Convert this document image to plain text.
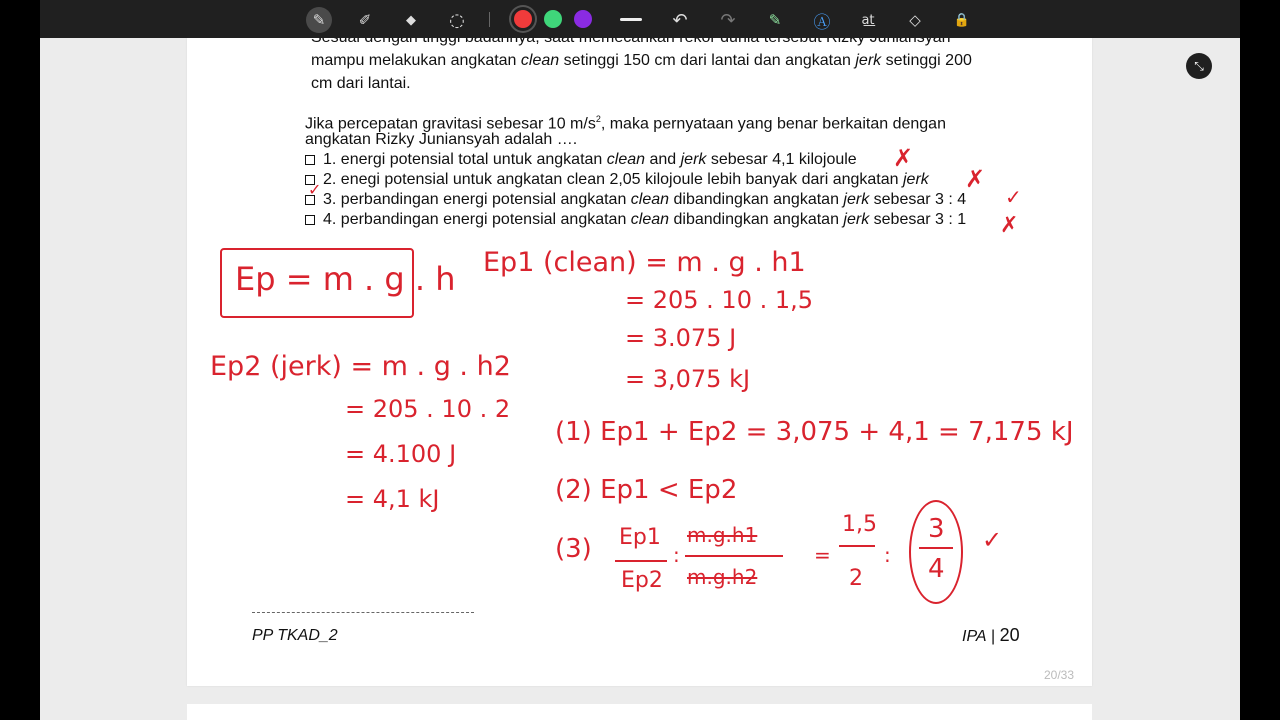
mampu melakukan angkatan clean setinggi 150 cm dari lantai dan angkatan jerk setinggi 200
cm dari lantai.
Jika percepatan gravitasi sebesar 10 $m/s^2$, maka pernyataan yang benar berkaitan dengan
angkatan Rizky Juniansyah adalah ….
1. energi potensial total untuk angkatan clean and jerk sebesar 4,1 kilojoule
2. enegi potensial untuk angkatan clean 2,05 kilojoule lebih banyak dari angkatan jerk
3. perbandingan energi potensial angkatan clean dibandingkan angkatan jerk sebesar 3 : 4
4. perbandingan energi potensial angkatan clean dibandingkan angkatan jerk sebesar 3 : 1
PP TKAD_2	IPA | 20
20/33
✗
✗
✓
✗
✓
Ep = m . g . h Ep1 (clean) = m . g . h1
= 205 . 10 . 1,5
= 3.075 J
= 3,075 kJ
Ep2 (jerk) = m . g . h2
= 205 . 10 . 2
= 4.100 J
= 4,1 kJ
(1) Ep1 + Ep2 = 3,075 + 4,1 = 7,175 kJ
(2) Ep1 < Ep2
(3) Ep1
Ep2
:
m.g.h1
m.g.h2
=
1,5
2
:
3
4
✓
⤡
✎	✐	◆	◌	↶	↷	✎	Ⓐ	a͟t	◇	🔒
